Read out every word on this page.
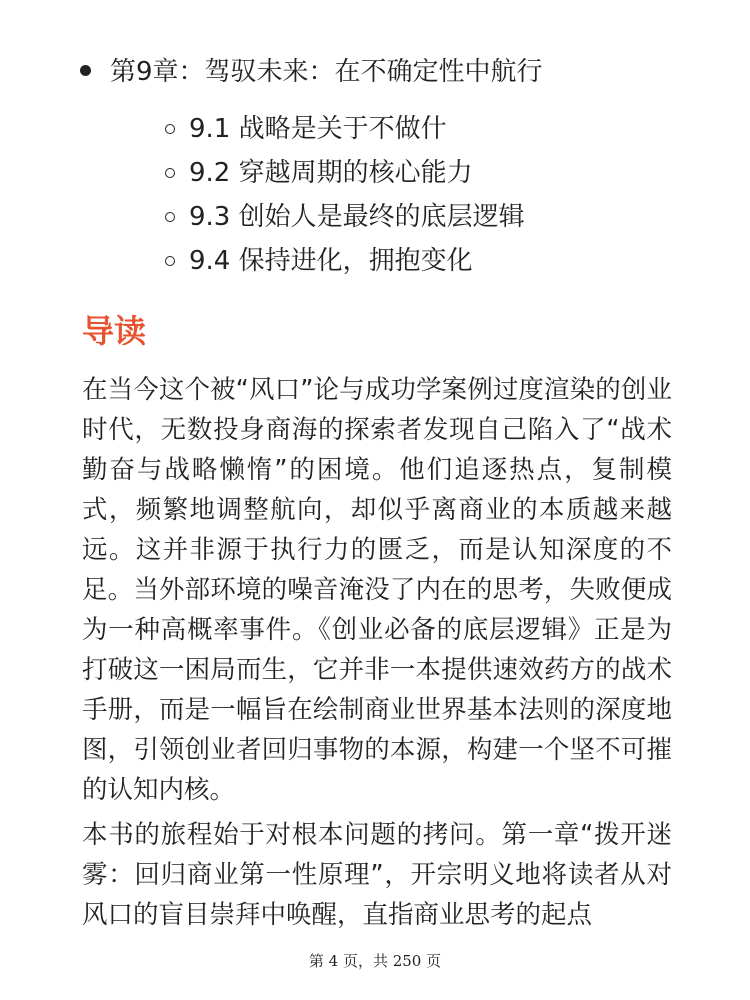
第9章：驾驭未来：在不确定性中航行
9.1 战略是关于不做什
9.2 穿越周期的核心能力
9.3 创始人是最终的底层逻辑
9.4 保持进化，拥抱变化
导读

在当今这个被“风口”论与成功学案例过度渲染的创业时代，无数投身商海的探索者发现自己陷入了“战术勤奋与战略懒惰”的困境。他们追逐热点，复制模式，频繁地调整航向，却似乎离商业的本质越来越远。这并非源于执行力的匮乏，而是认知深度的不足。当外部环境的噪音淹没了内在的思考，失败便成为一种高概率事件。《创业必备的底层逻辑》正是为打破这一困局而生，它并非一本提供速效药方的战术手册，而是一幅旨在绘制商业世界基本法则的深度地图，引领创业者回归事物的本源，构建一个坚不可摧的认知内核。

本书的旅程始于对根本问题的拷问。第一章“拨开迷雾：回归商业第一性原理”，开宗明义地将读者从对风口的盲目崇拜中唤醒，直指商业思考的起点

第 4 页，共 250 页
